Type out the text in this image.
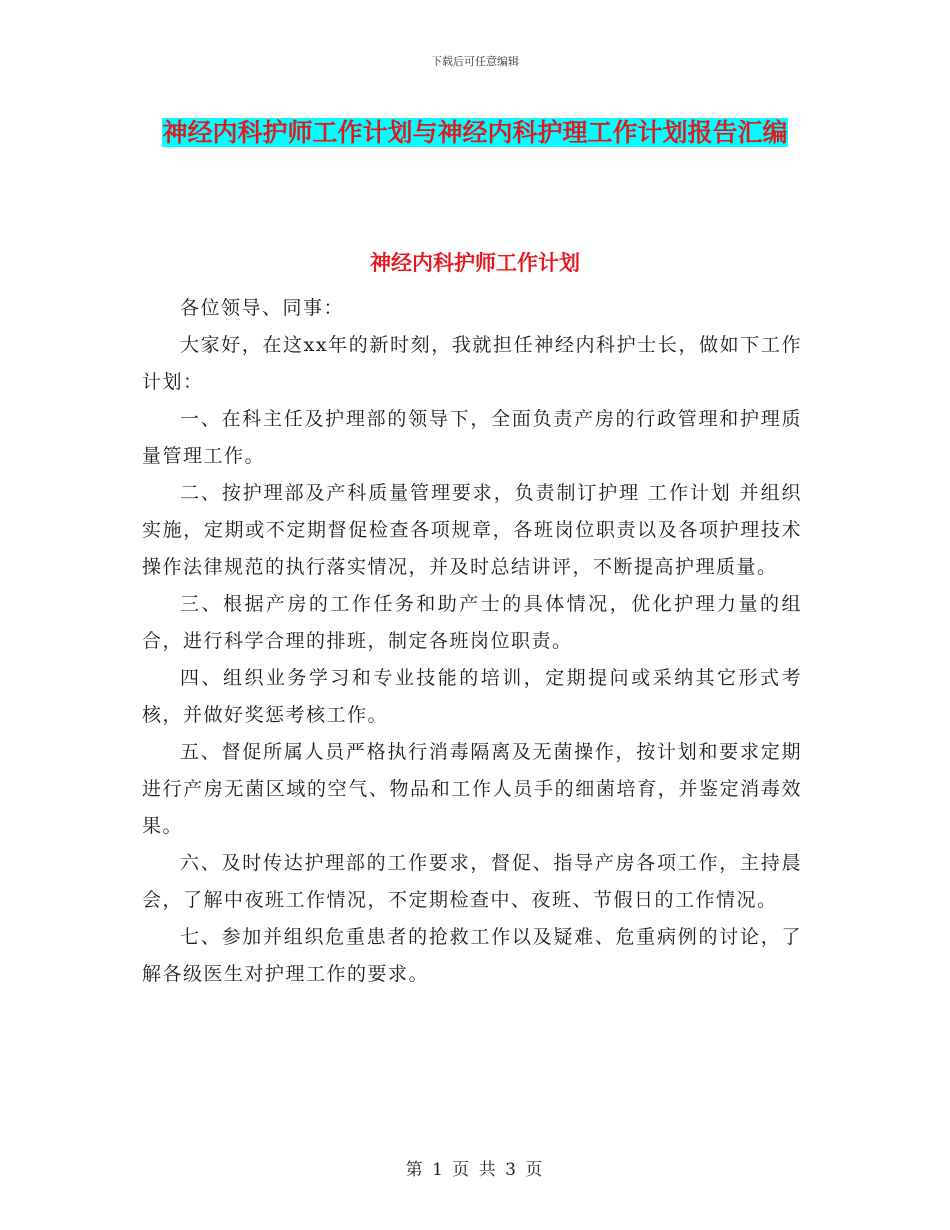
下载后可任意编辑
神经内科护师工作计划与神经内科护理工作计划报告汇编
神经内科护师工作计划

各位领导、同事：

大家好，在这xx年的新时刻，我就担任神经内科护士长，做如下工作计划：

一、在科主任及护理部的领导下，全面负责产房的行政管理和护理质量管理工作。

二、按护理部及产科质量管理要求，负责制订护理 工作计划 并组织实施，定期或不定期督促检查各项规章，各班岗位职责以及各项护理技术操作法律规范的执行落实情况，并及时总结讲评，不断提高护理质量。

三、根据产房的工作任务和助产士的具体情况，优化护理力量的组合，进行科学合理的排班，制定各班岗位职责。

四、组织业务学习和专业技能的培训，定期提问或采纳其它形式考核，并做好奖惩考核工作。

五、督促所属人员严格执行消毒隔离及无菌操作，按计划和要求定期进行产房无菌区域的空气、物品和工作人员手的细菌培育，并鉴定消毒效果。

六、及时传达护理部的工作要求，督促、指导产房各项工作，主持晨会，了解中夜班工作情况，不定期检查中、夜班、节假日的工作情况。

七、参加并组织危重患者的抢救工作以及疑难、危重病例的讨论，了解各级医生对护理工作的要求。

第 1 页 共 3 页
